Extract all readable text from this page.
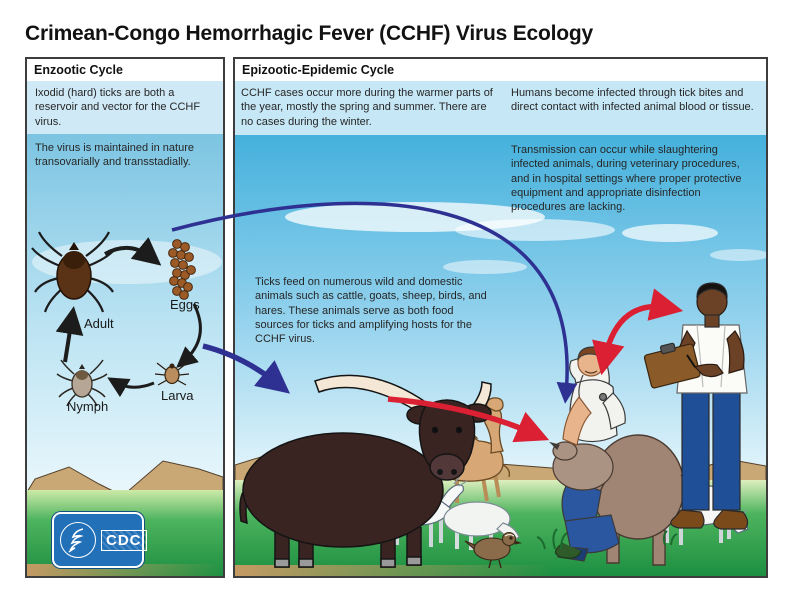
Crimean-Congo Hemorrhagic Fever (CCHF) Virus Ecology
Enzootic Cycle
Ixodid (hard) ticks are both a reservoir and vector for the CCHF virus.
The virus is maintained in nature transovarially and transstadially.
Adult
Eggs
Larva
Nymph
CDC
Epizootic-Epidemic Cycle
CCHF cases occur more during the warmer parts of the year, mostly the spring and summer. There are no cases during the winter.
Humans become infected through tick bites and direct contact with infected animal blood or tissue.
Transmission can occur while slaughtering infected animals, during veterinary procedures, and in hospital settings where proper protective equipment and appropriate disinfection procedures are lacking.
Ticks feed on numerous wild and domestic animals such as cattle, goats, sheep, birds, and hares. These animals serve as both food sources for ticks and amplifying hosts for the CCHF virus.
